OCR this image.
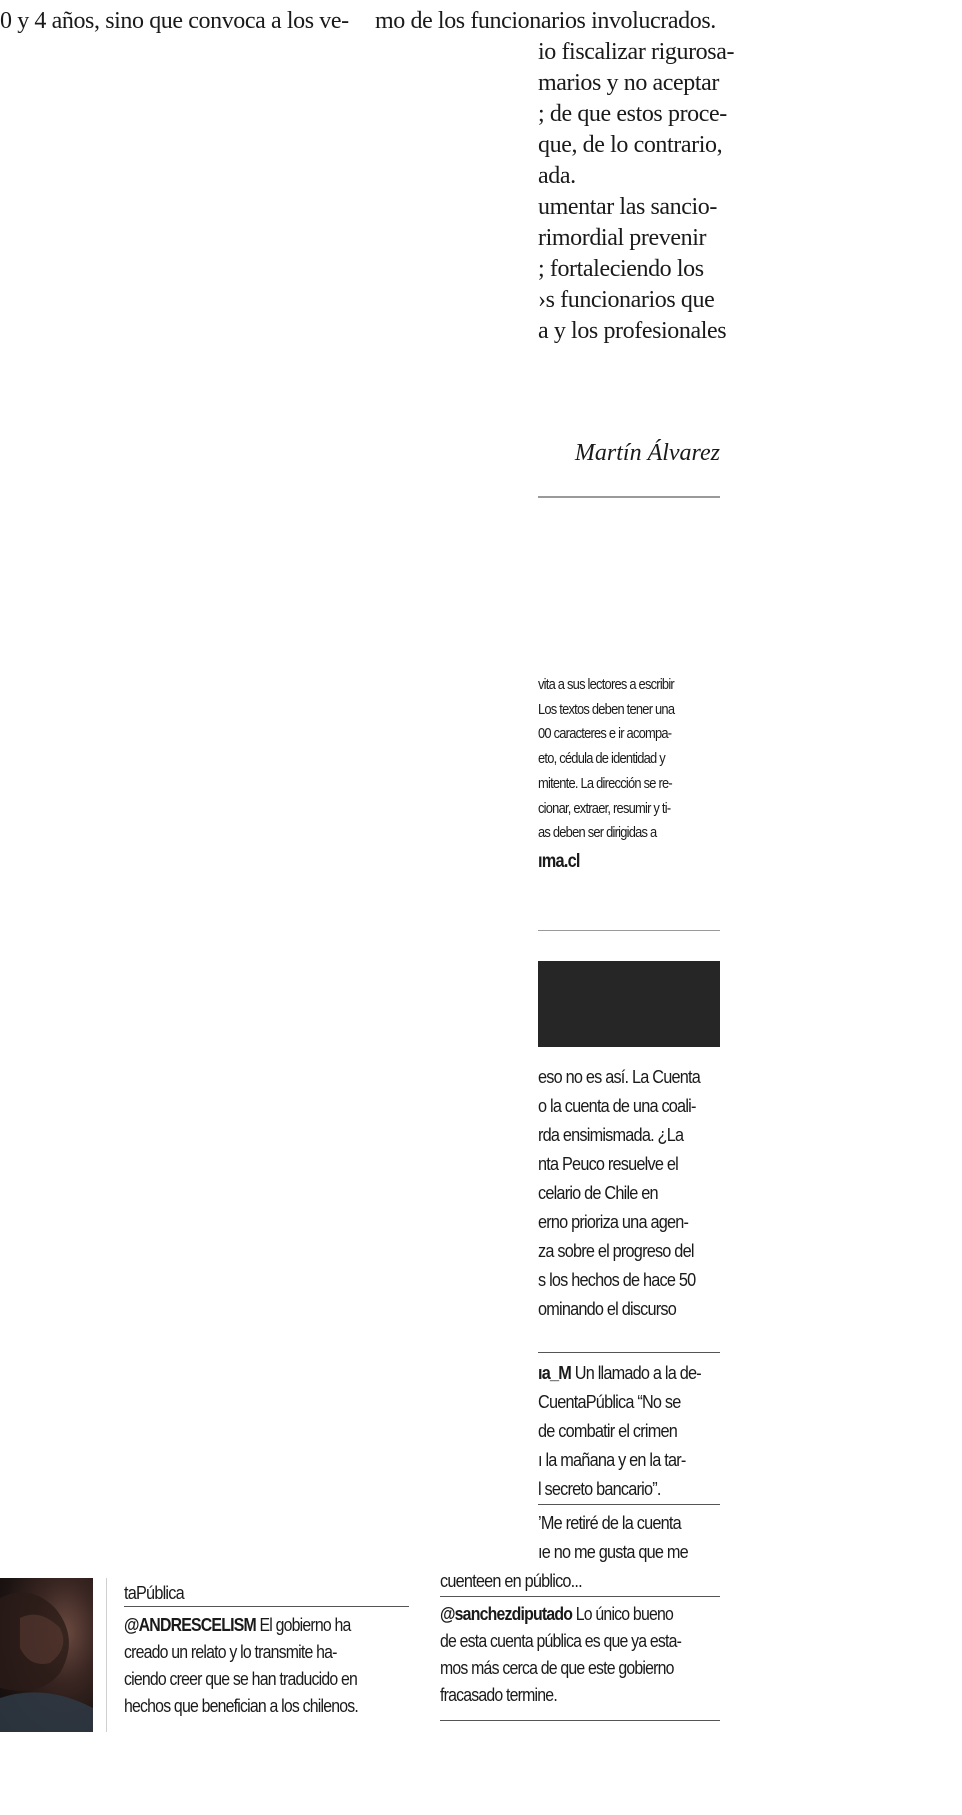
0 y 4 años, sino que convoca a los ve- mo de los funcionarios involucrados.
io fiscalizar rigurosa-
marios y no aceptar
; de que estos proce-
que, de lo contrario,
ada.
umentar las sancio-
rimordial prevenir
; fortaleciendo los
›s funcionarios que
a y los profesionales
Martín Álvarez
vita a sus lectores a escribir
Los textos deben tener una
00 caracteres e ir acompa-
eto, cédula de identidad y
mitente. La dirección se re-
cionar, extraer, resumir y ti-
as deben ser dirigidas a
ıma.cl
eso no es así. La Cuenta
o la cuenta de una coali-
rda ensimismada. ¿La
nta Peuco resuelve el
celario de Chile en
erno prioriza una agen-
za sobre el progreso del
s los hechos de hace 50
ominando el discurso
ıa_M Un llamado a la de-
CuentaPública “No se
de combatir el crimen
ı la mañana y en la tar-
l secreto bancario”.
’Me retiré de la cuenta
ıe no me gusta que me
cuenteen en público...
taPública
@ANDRESCELISM El gobierno ha
creado un relato y lo transmite ha-
ciendo creer que se han traducido en
hechos que benefician a los chilenos.
@sanchezdiputado Lo único bueno
de esta cuenta pública es que ya esta-
mos más cerca de que este gobierno
fracasado termine.
